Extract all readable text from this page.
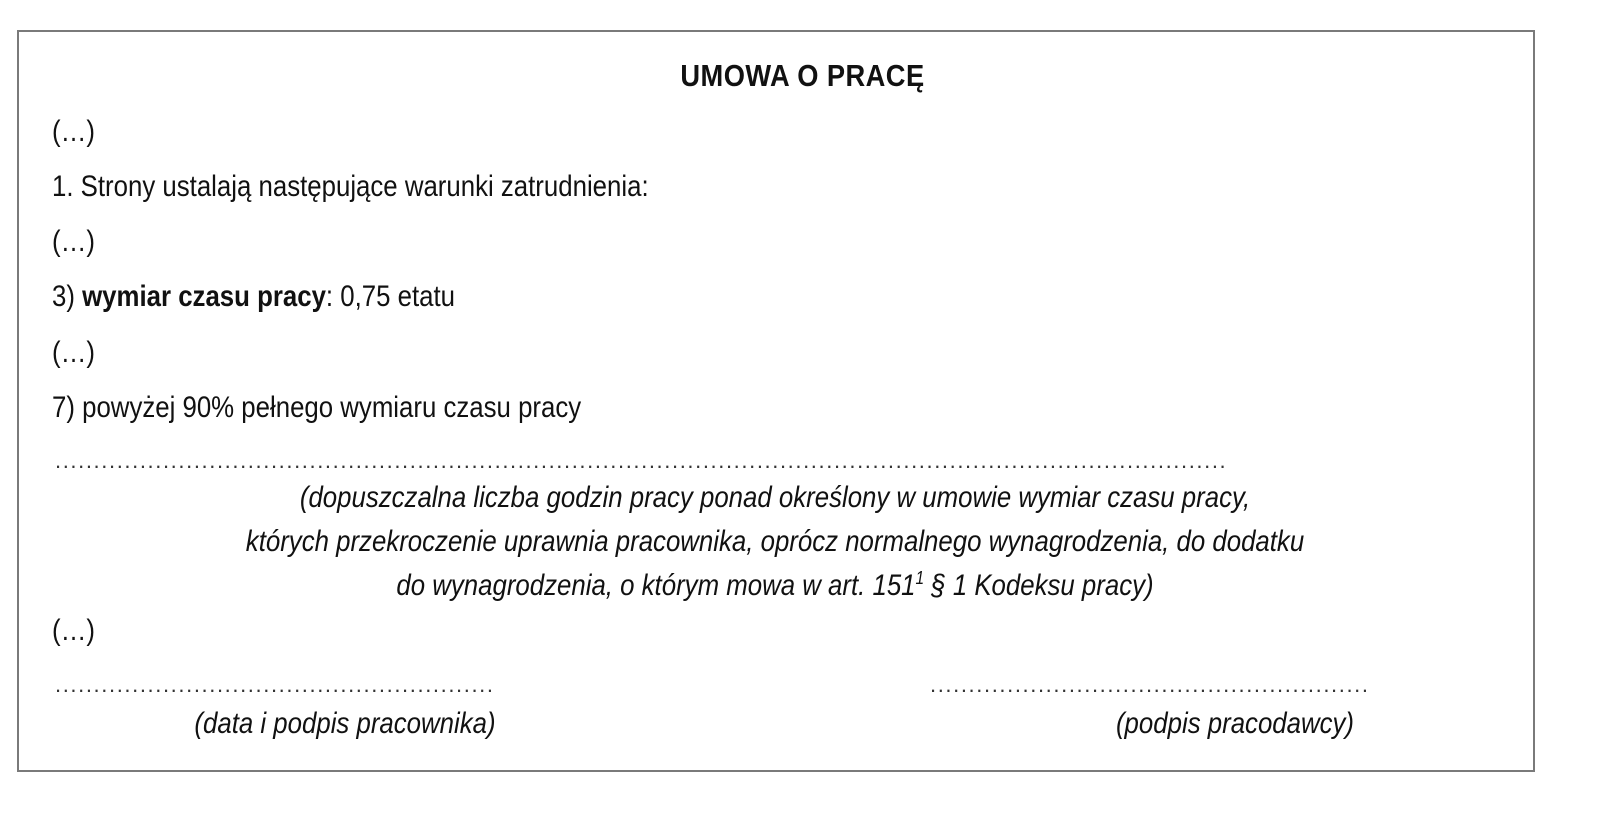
UMOWA O PRACĘ
(…)
1. Strony ustalają następujące warunki zatrudnienia:
(…)
3) wymiar czasu pracy: 0,75 etatu
(…)
7) powyżej 90% pełnego wymiaru czasu pracy
........................................................................................................................................................
(dopuszczalna liczba godzin pracy ponad określony w umowie wymiar czasu pracy,
których przekroczenie uprawnia pracownika, oprócz normalnego wynagrodzenia, do dodatku
do wynagrodzenia, o którym mowa w art. $151^1$ § 1 Kodeksu pracy)
(…)
.........................................................	.........................................................
(data i podpis pracownika)	(podpis pracodawcy)
